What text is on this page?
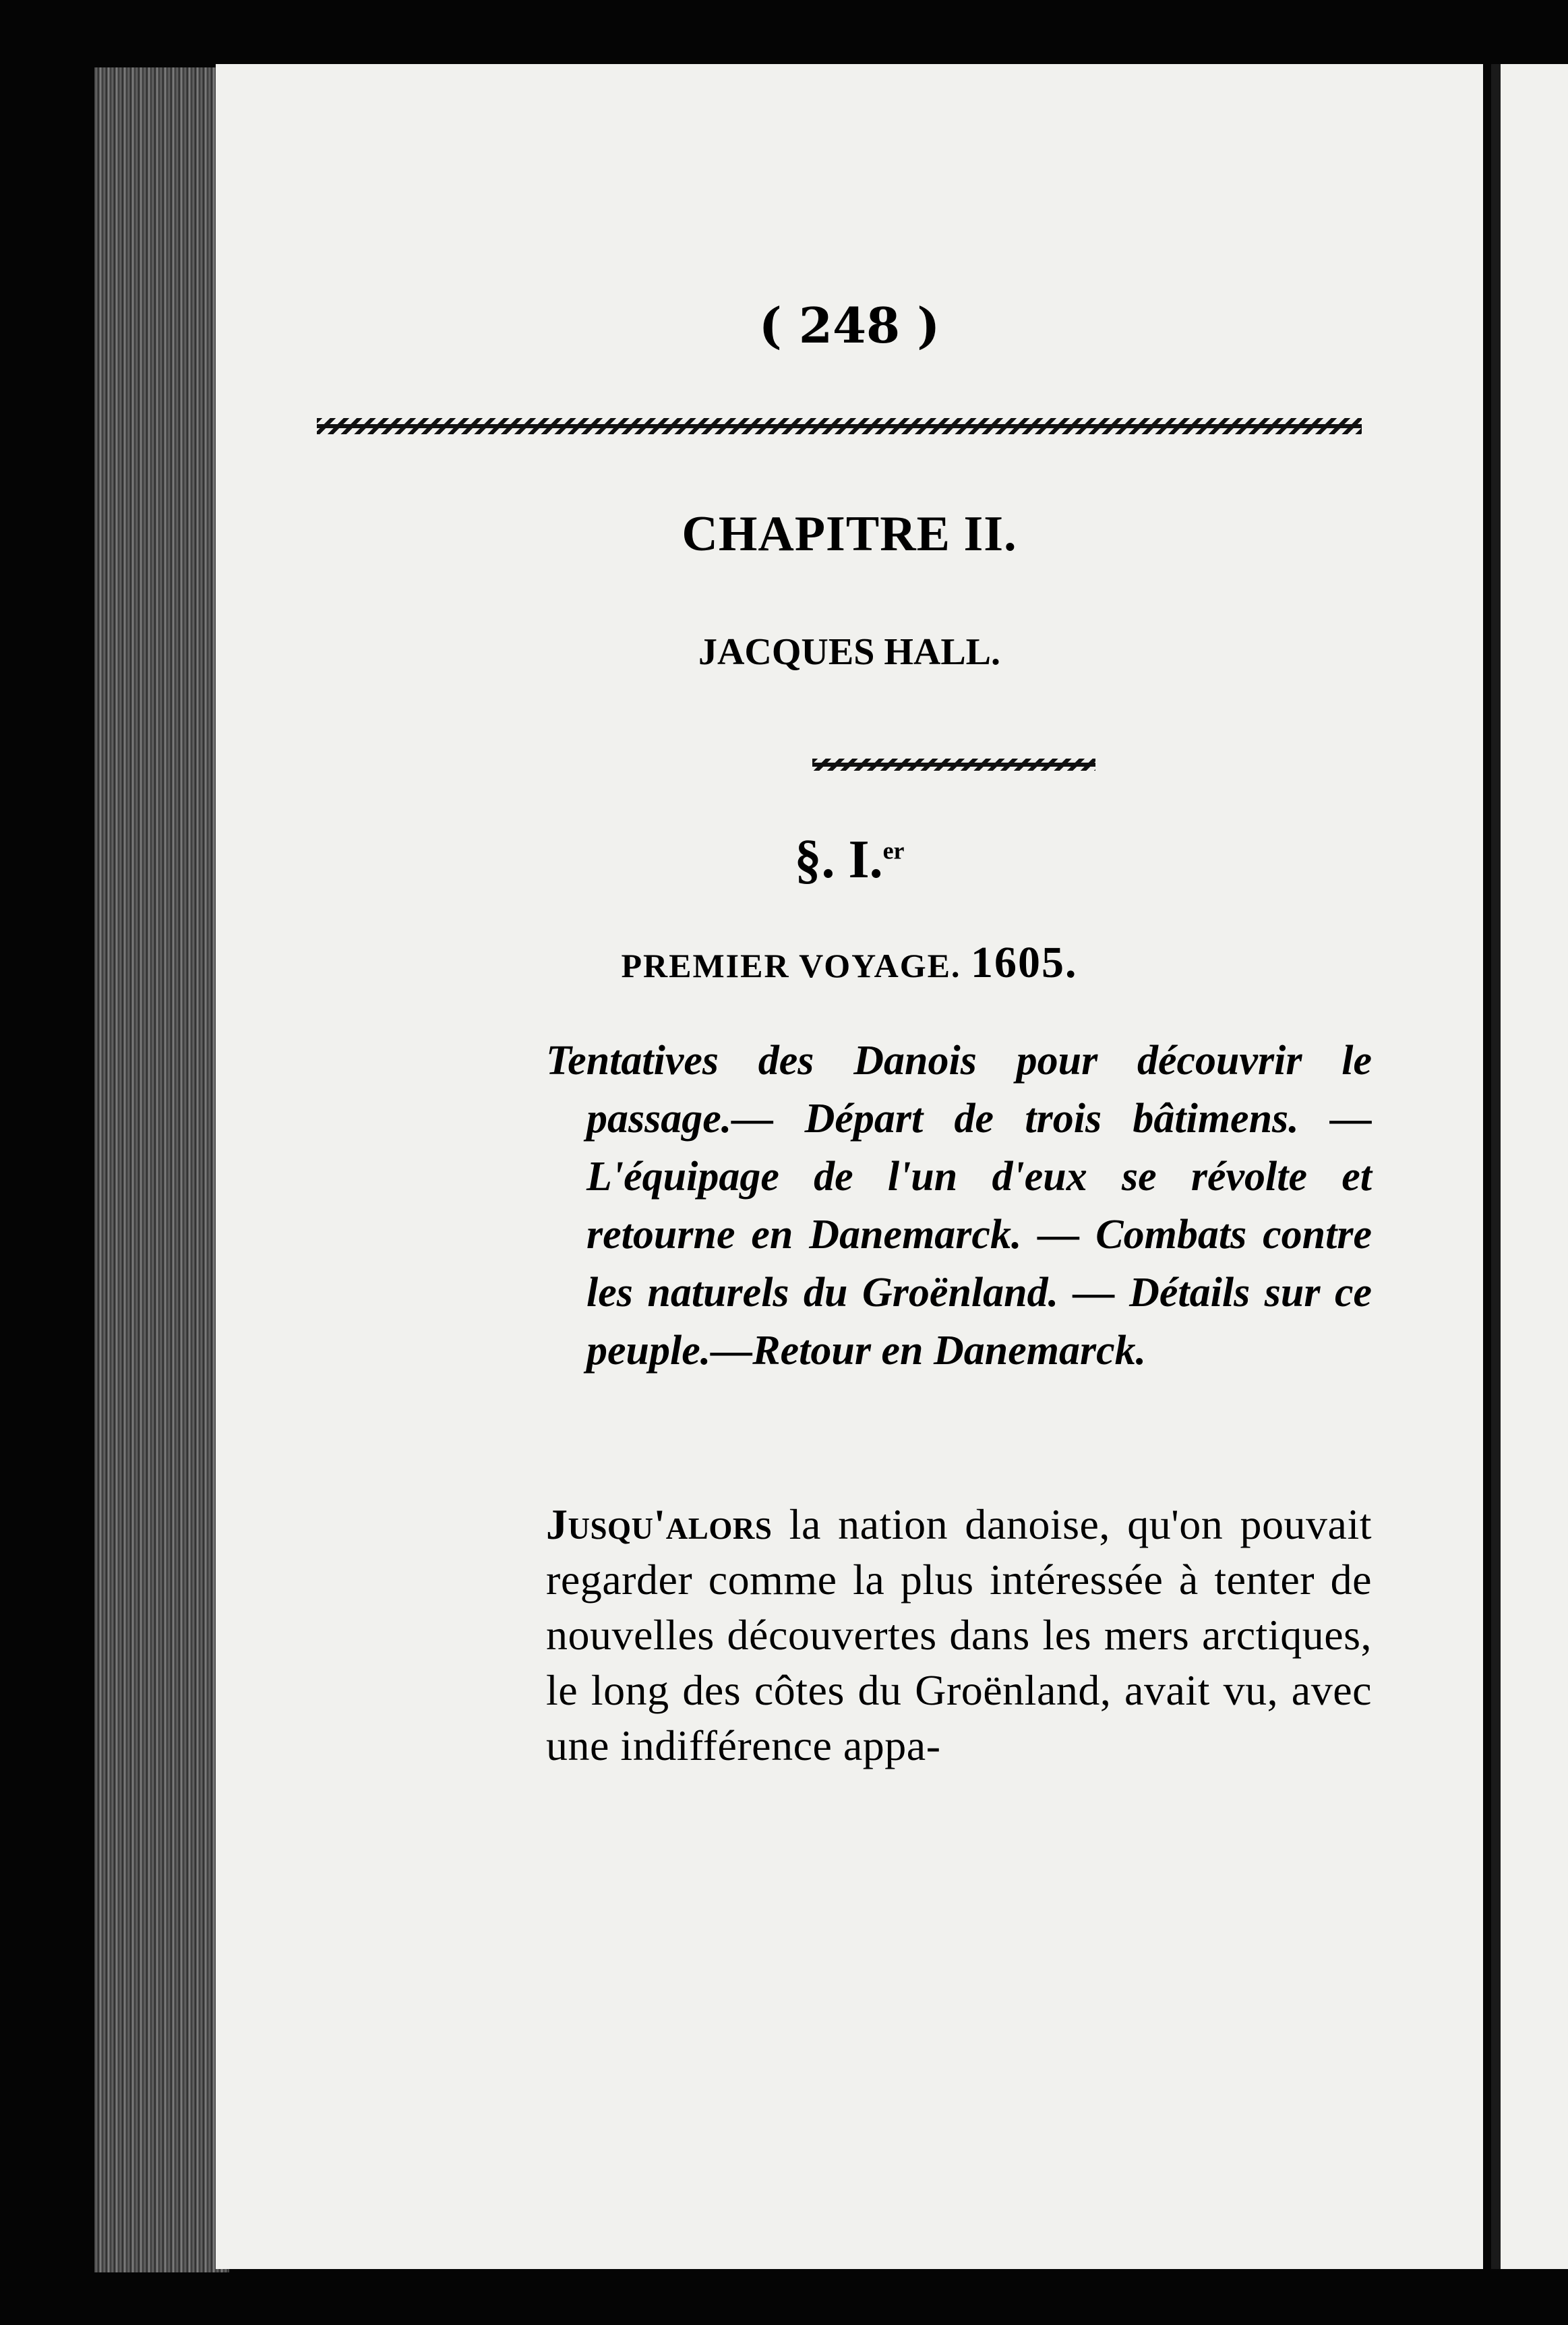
( 248 )
CHAPITRE II.
JACQUES HALL.
§. I.$^{er}$
PREMIER VOYAGE. 1605.

Tentatives des Danois pour découvrir le passage.— Départ de trois bâtimens. — L'équipage de l'un d'eux se révolte et retourne en Danemarck. — Combats contre les naturels du Groënland. — Détails sur ce peuple.—Retour en Danemarck.

Jusqu'alors la nation danoise, qu'on pouvait regarder comme la plus intéressée à tenter de nouvelles découvertes dans les mers arctiques, le long des côtes du Groënland, avait vu, avec une indifférence appa-
